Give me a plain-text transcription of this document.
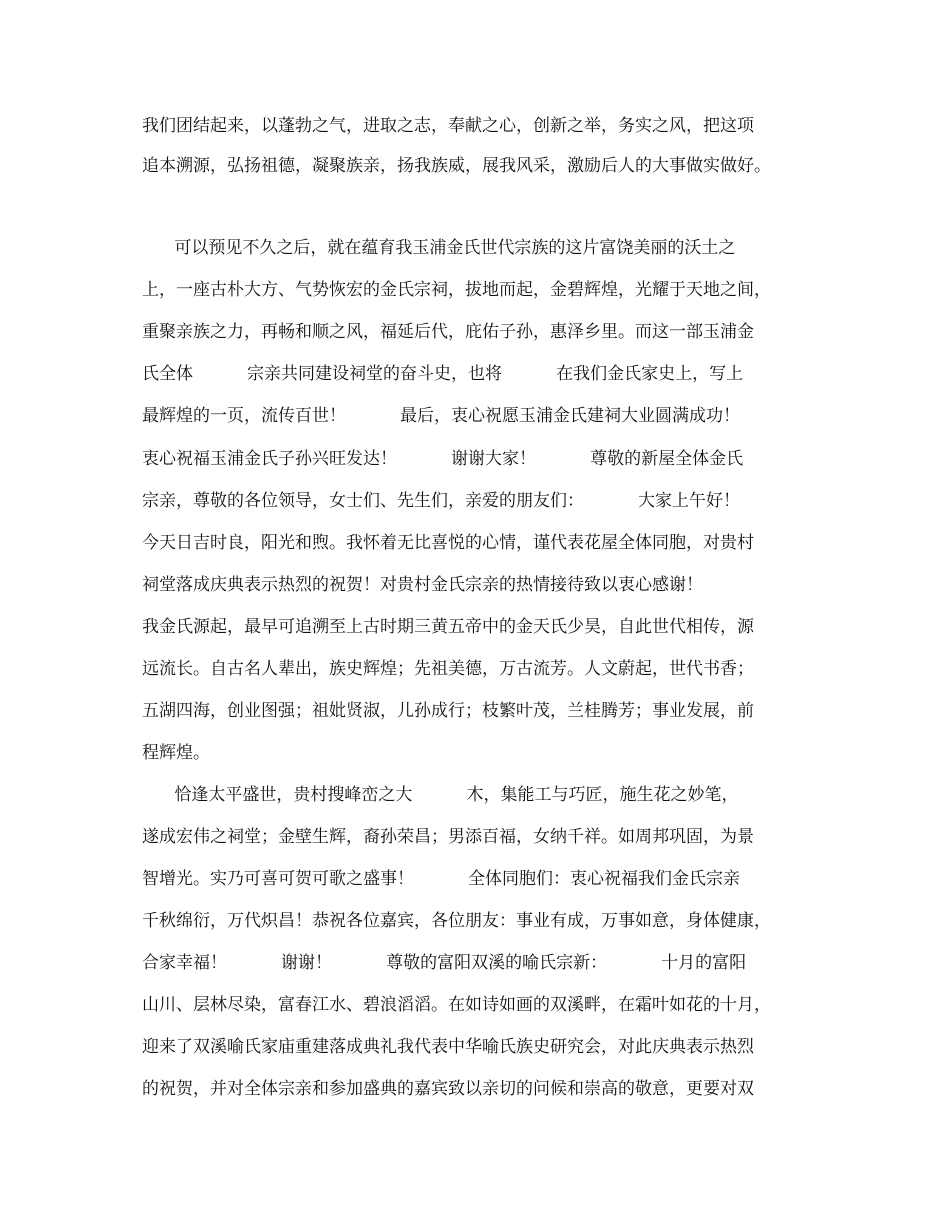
我们团结起来，以蓬勃之气，进取之志，奉献之心，创新之举，务实之风，把这项
追本溯源，弘扬祖德，凝聚族亲，扬我族威，展我风采，激励后人的大事做实做好。
可以预见不久之后，就在蕴育我玉浦金氏世代宗族的这片富饶美丽的沃土之
上，一座古朴大方、气势恢宏的金氏宗祠，拔地而起，金碧辉煌，光耀于天地之间，
重聚亲族之力，再畅和顺之风，福延后代，庇佑子孙，惠泽乡里。而这一部玉浦金
氏全体          宗亲共同建设祠堂的奋斗史，也将          在我们金氏家史上，写上
最辉煌的一页，流传百世！          最后，衷心祝愿玉浦金氏建祠大业圆满成功！
衷心祝福玉浦金氏子孙兴旺发达！          谢谢大家！          尊敬的新屋全体金氏
宗亲，尊敬的各位领导，女士们、先生们，亲爱的朋友们：          大家上午好！
今天日吉时良，阳光和煦。我怀着无比喜悦的心情，谨代表花屋全体同胞，对贵村
祠堂落成庆典表示热烈的祝贺！对贵村金氏宗亲的热情接待致以衷心感谢！
我金氏源起，最早可追溯至上古时期三黄五帝中的金天氏少昊，自此世代相传，源
远流长。自古名人辈出，族史辉煌；先祖美德，万古流芳。人文蔚起，世代书香；
五湖四海，创业图强；祖妣贤淑，儿孙成行；枝繁叶茂，兰桂腾芳；事业发展，前
程辉煌。
恰逢太平盛世，贵村搜峰峦之大          木，集能工与巧匠，施生花之妙笔，
遂成宏伟之祠堂；金壁生辉，裔孙荣昌；男添百福，女纳千祥。如周邦巩固，为景
智增光。实乃可喜可贺可歌之盛事！          全体同胞们：衷心祝福我们金氏宗亲
千秋绵衍，万代炽昌！恭祝各位嘉宾，各位朋友：事业有成，万事如意，身体健康，
合家幸福！          谢谢！          尊敬的富阳双溪的喻氏宗新：          十月的富阳
山川、层林尽染，富春江水、碧浪滔滔。在如诗如画的双溪畔，在霜叶如花的十月，
迎来了双溪喻氏家庙重建落成典礼我代表中华喻氏族史研究会，对此庆典表示热烈
的祝贺，并对全体宗亲和参加盛典的嘉宾致以亲切的问候和崇高的敬意，更要对双
